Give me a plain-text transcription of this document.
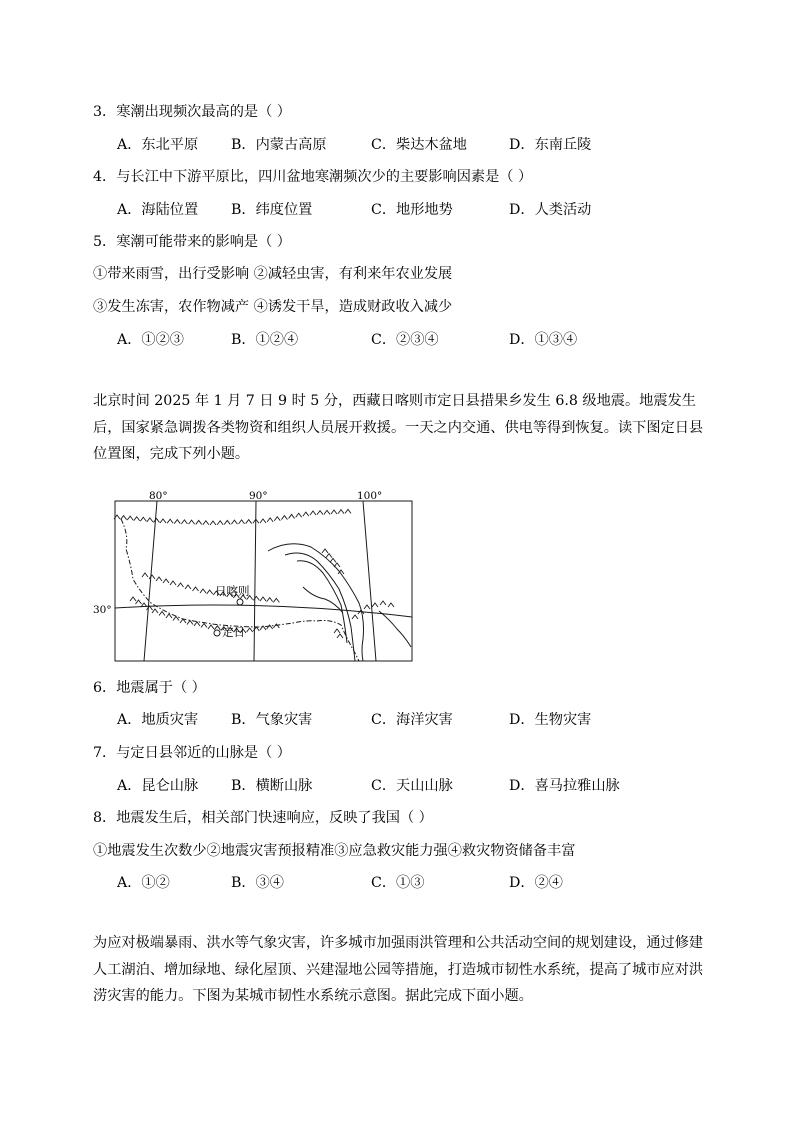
3．寒潮出现频次最高的是（ ）
A．东北平原 B．内蒙古高原	C．柴达木盆地	D．东南丘陵
4．与长江中下游平原比，四川盆地寒潮频次少的主要影响因素是（ ）
A．海陆位置 B．纬度位置	C．地形地势	D．人类活动
5．寒潮可能带来的影响是（ ）
①带来雨雪，出行受影响 ②减轻虫害，有利来年农业发展
③发生冻害，农作物减产 ④诱发干旱，造成财政收入减少
A．①②③	B．①②④	C．②③④	D．①③④
北京时间 2025 年 1 月 7 日 9 时 5 分，西藏日喀则市定日县措果乡发生 6.8 级地震。地震发生后，国家紧急调拨各类物资和组织人员展开救援。一天之内交通、供电等得到恢复。读下图定日县位置图，完成下列小题。
80°	90°	100°
30°
日喀则
定日
6．地震属于（ ）
A．地质灾害 B．气象灾害	C．海洋灾害	D．生物灾害
7．与定日县邻近的山脉是（ ）
A．昆仑山脉 B．横断山脉	C．天山山脉	D．喜马拉雅山脉
8．地震发生后，相关部门快速响应，反映了我国（ ）
①地震发生次数少②地震灾害预报精准③应急救灾能力强④救灾物资储备丰富
A．①②	B．③④	C．①③	D．②④
为应对极端暴雨、洪水等气象灾害，许多城市加强雨洪管理和公共活动空间的规划建设，通过修建人工湖泊、增加绿地、绿化屋顶、兴建湿地公园等措施，打造城市韧性水系统，提高了城市应对洪涝灾害的能力。下图为某城市韧性水系统示意图。据此完成下面小题。
